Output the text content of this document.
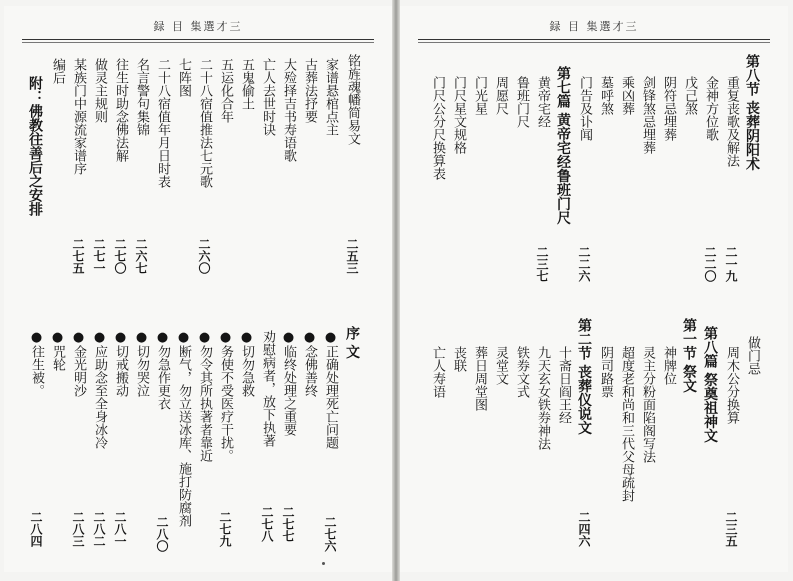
録 目 集選才三
铭旌魂幡简易文
二五三
家谱悬棺点主
古葬法抒要
大殓择吉书寿语歌
亡人去世时诀
五鬼偷土
五运化合年
二十八宿值推法七元歌
二六〇
七阵图
二十八宿值年月日时表
名言警句集锦
二六七
往生时助念佛法解
二七〇
做灵主规则
二七一
某族门中源流家谱序
二七五
编后
附：佛教往善后之安排
序 文
●正确处理死亡问题
二七六
●念佛善终
●临终处理之重要
二七七
劝慰病者，放下执著
二七八
●切勿急救
●务使不受医疗干扰。
二七九
●勿令其所执著者靠近
●断气，勿立送冰库、施打防腐剂
●勿急作更衣
二八〇
●切勿哭泣
●切戒搬动
二八一
●应助念至全身冰冷
二八二
●金光明沙
二八三
●咒轮
●往生被。
二八四
録 目 集選才三
第八节 丧葬阴阳术
重复丧歌及解法
二一九
金神方位歌
二二〇
戊己煞
阴符忌埋葬
剑锋煞忌埋葬
乘凶葬
墓呼煞
门告及讣闻
二二六
第七篇 黄帝宅经鲁班门尺
黄帝宅经
二三七
鲁班门尺
周愿尺
门光星
门尺星文规格
门尺公分尺换算表
做门忌
周木公分换算
二三五
第八篇 祭奠祖神文
第一节 祭文
神牌位
灵主分粉面陷阁写法
超度老和尚和三代父母疏封
阴司路票
第二节 丧葬仪说文
二四六
十斋日阎王经
九天玄女铁券神法
铁券文式
灵堂文
葬日周堂图
丧联
亡人寿语
